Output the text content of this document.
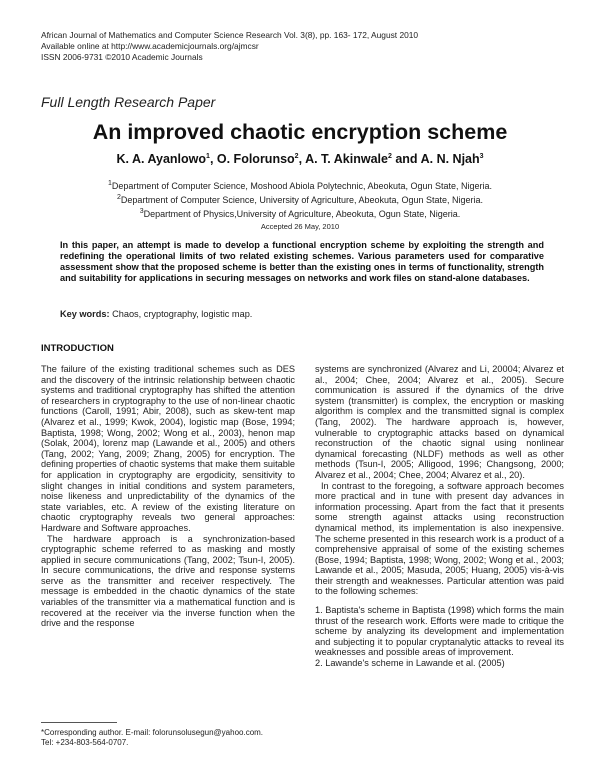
African Journal of Mathematics and Computer Science Research Vol. 3(8), pp. 163- 172, August 2010
Available online at http://www.academicjournals.org/ajmcsr
ISSN 2006-9731 ©2010 Academic Journals
Full Length Research Paper
An improved chaotic encryption scheme
K. A. Ayanlowo$^1$, O. Folorunso$^2$, A. T. Akinwale$^2$ and A. N. Njah$^3$
$^1$Department of Computer Science, Moshood Abiola Polytechnic, Abeokuta, Ogun State, Nigeria.
$^2$Department of Computer Science, University of Agriculture, Abeokuta, Ogun State, Nigeria.
$^3$Department of Physics,University of Agriculture, Abeokuta, Ogun State, Nigeria.
Accepted 26 May, 2010
In this paper, an attempt is made to develop a functional encryption scheme by exploiting the strength and redefining the operational limits of two related existing schemes. Various parameters used for comparative assessment show that the proposed scheme is better than the existing ones in terms of functionality, strength and suitability for applications in securing messages on networks and work files on stand-alone databases.
Key words: Chaos, cryptography, logistic map.
INTRODUCTION

The failure of the existing traditional schemes such as DES and the discovery of the intrinsic relationship between chaotic systems and traditional cryptography has shifted the attention of researchers in cryptography to the use of non-linear chaotic functions (Caroll, 1991; Abir, 2008), such as skew-tent map (Alvarez et al., 1999; Kwok, 2004), logistic map (Bose, 1994; Baptista, 1998; Wong, 2002; Wong et al., 2003), henon map (Solak, 2004), lorenz map (Lawande et al., 2005) and others (Tang, 2002; Yang, 2009; Zhang, 2005) for encryption. The defining properties of chaotic systems that make them suitable for application in cryptography are ergodicity, sensitivity to slight changes in initial conditions and system parameters, noise likeness and unpredictability of the dynamics of the state variables, etc. A review of the existing literature on chaotic cryptography reveals two general approaches: Hardware and Software approaches.

The hardware approach is a synchronization-based cryptographic scheme referred to as masking and mostly applied in secure communications (Tang, 2002; Tsun-I, 2005). In secure communications, the drive and response systems serve as the transmitter and receiver respectively. The message is embedded in the chaotic dynamics of the state variables of the transmitter via a mathematical function and is recovered at the receiver via the inverse function when the drive and the response

systems are synchronized (Alvarez and Li, 20004; Alvarez et al., 2004; Chee, 2004; Alvarez et al., 2005). Secure communication is assured if the dynamics of the drive system (transmitter) is complex, the encryption or masking algorithm is complex and the transmitted signal is complex (Tang, 2002). The hardware approach is, however, vulnerable to cryptographic attacks based on dynamical reconstruction of the chaotic signal using nonlinear dynamical forecasting (NLDF) methods as well as other methods (Tsun-I, 2005; Alligood, 1996; Changsong, 2000; Alvarez et al., 2004; Chee, 2004; Alvarez et al., 20).

In contrast to the foregoing, a software approach becomes more practical and in tune with present day advances in information processing. Apart from the fact that it presents some strength against attacks using reconstruction dynamical method, its implementation is also inexpensive. The scheme presented in this research work is a product of a comprehensive appraisal of some of the existing schemes (Bose, 1994; Baptista, 1998; Wong, 2002; Wong et al., 2003; Lawande et al., 2005; Masuda, 2005; Huang, 2005) vis-à-vis their strength and weaknesses. Particular attention was paid to the following schemes:

1. Baptista's scheme in Baptista (1998) which forms the main thrust of the research work. Efforts were made to critique the scheme by analyzing its development and implementation and subjecting it to popular cryptanalytic attacks to reveal its weaknesses and possible areas of improvement.

2. Lawande's scheme in Lawande et al. (2005)

*Corresponding author. E-mail: folorunsolusegun@yahoo.com.
Tel: +234-803-564-0707.
